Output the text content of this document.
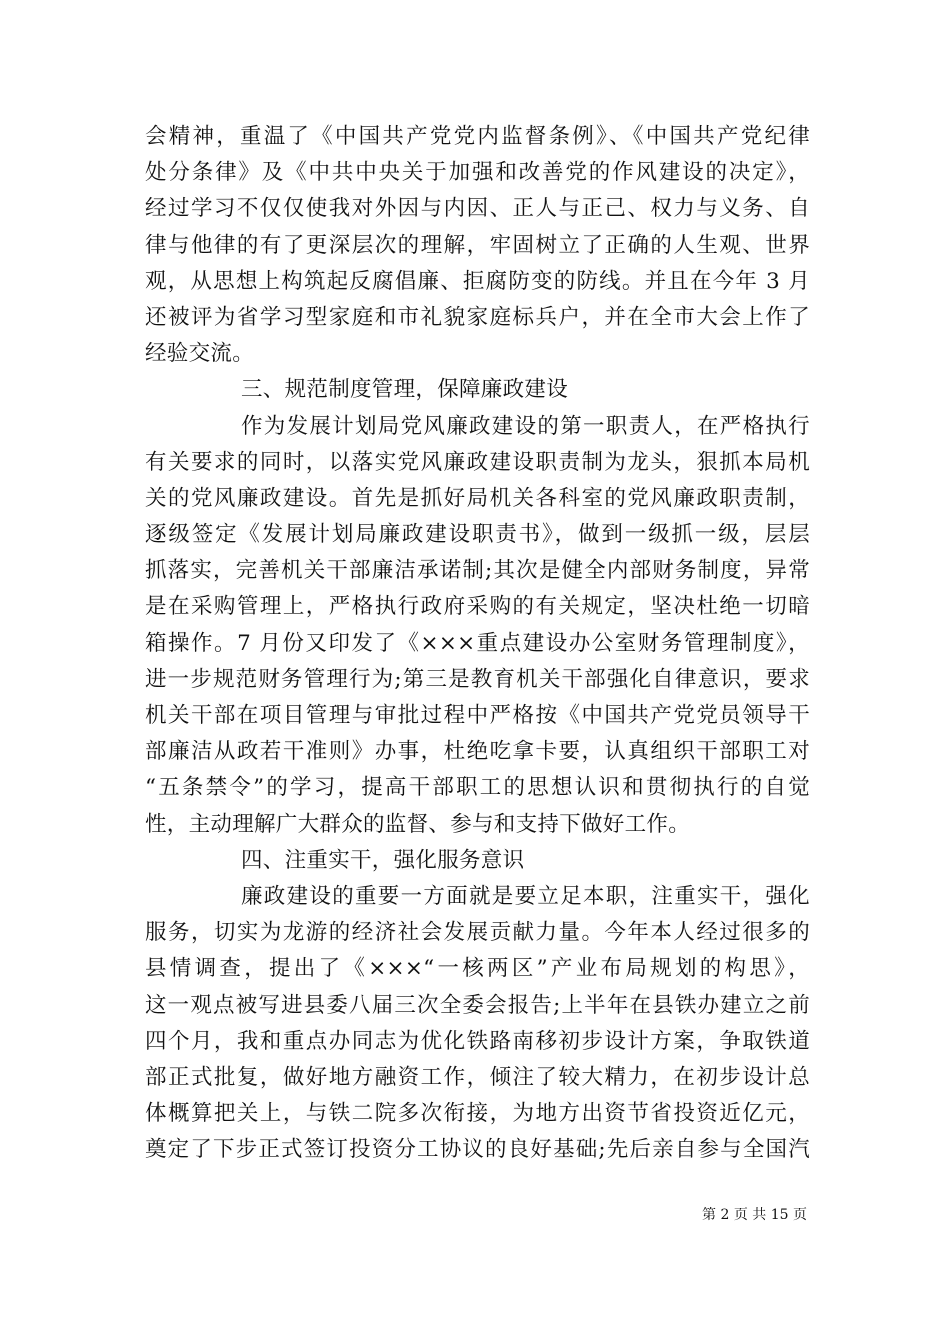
会精神，重温了《中国共产党党内监督条例》、《中国共产党纪律
处分条律》及《中共中央关于加强和改善党的作风建设的决定》，
经过学习不仅仅使我对外因与内因、正人与正己、权力与义务、自
律与他律的有了更深层次的理解，牢固树立了正确的人生观、世界
观，从思想上构筑起反腐倡廉、拒腐防变的防线。并且在今年 3 月
还被评为省学习型家庭和市礼貌家庭标兵户，并在全市大会上作了
经验交流。
三、规范制度管理，保障廉政建设
作为发展计划局党风廉政建设的第一职责人，在严格执行
有关要求的同时，以落实党风廉政建设职责制为龙头，狠抓本局机
关的党风廉政建设。首先是抓好局机关各科室的党风廉政职责制，
逐级签定《发展计划局廉政建设职责书》，做到一级抓一级，层层
抓落实，完善机关干部廉洁承诺制;其次是健全内部财务制度，异常
是在采购管理上，严格执行政府采购的有关规定，坚决杜绝一切暗
箱操作。7 月份又印发了《×××重点建设办公室财务管理制度》，
进一步规范财务管理行为;第三是教育机关干部强化自律意识，要求
机关干部在项目管理与审批过程中严格按《中国共产党党员领导干
部廉洁从政若干准则》办事，杜绝吃拿卡要，认真组织干部职工对
“五条禁令”的学习，提高干部职工的思想认识和贯彻执行的自觉
性，主动理解广大群众的监督、参与和支持下做好工作。
四、注重实干，强化服务意识
廉政建设的重要一方面就是要立足本职，注重实干，强化
服务，切实为龙游的经济社会发展贡献力量。今年本人经过很多的
县情调查，提出了《×××“一核两区”产业布局规划的构思》，
这一观点被写进县委八届三次全委会报告;上半年在县铁办建立之前
四个月，我和重点办同志为优化铁路南移初步设计方案，争取铁道
部正式批复，做好地方融资工作，倾注了较大精力，在初步设计总
体概算把关上，与铁二院多次衔接，为地方出资节省投资近亿元，
奠定了下步正式签订投资分工协议的良好基础;先后亲自参与全国汽
第 2 页 共 15 页
